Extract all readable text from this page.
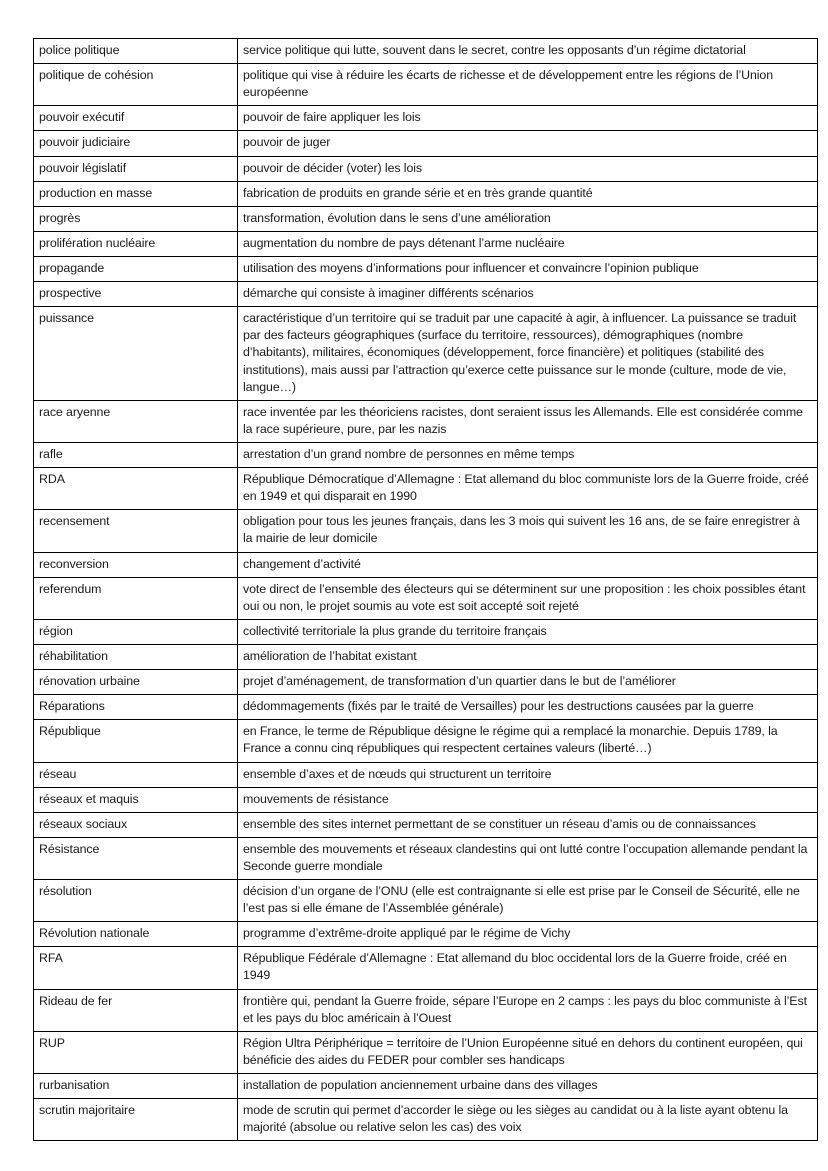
police politique	service politique qui lutte, souvent dans le secret, contre les opposants d’un régime dictatorial
politique de cohésion	politique qui vise à réduire les écarts de richesse et de développement entre les régions de l’Union européenne
pouvoir exécutif	pouvoir de faire appliquer les lois
pouvoir judiciaire	pouvoir de juger
pouvoir législatif	pouvoir de décider (voter) les lois
production en masse	fabrication de produits en grande série et en très grande quantité
progrès	transformation, évolution dans le sens d’une amélioration
prolifération nucléaire	augmentation du nombre de pays détenant l’arme nucléaire
propagande	utilisation des moyens d’informations pour influencer et convaincre l’opinion publique
prospective	démarche qui consiste à imaginer différents scénarios
puissance	caractéristique d’un territoire qui se traduit par une capacité à agir, à influencer. La puissance se traduit par des facteurs géographiques (surface du territoire, ressources), démographiques (nombre d’habitants), militaires, économiques (développement, force financière) et politiques (stabilité des institutions), mais aussi par l’attraction qu’exerce cette puissance sur le monde (culture, mode de vie, langue…)
race aryenne	race inventée par les théoriciens racistes, dont seraient issus les Allemands. Elle est considérée comme la race supérieure, pure, par les nazis
rafle	arrestation d’un grand nombre de personnes en même temps
RDA	République Démocratique d’Allemagne : Etat allemand du bloc communiste lors de la Guerre froide, créé en 1949 et qui disparait en 1990
recensement	obligation pour tous les jeunes français, dans les 3 mois qui suivent les 16 ans, de se faire enregistrer à la mairie de leur domicile
reconversion	changement d’activité
referendum	vote direct de l’ensemble des électeurs qui se déterminent sur une proposition : les choix possibles étant oui ou non, le projet soumis au vote est soit accepté soit rejeté
région	collectivité territoriale la plus grande du territoire français
réhabilitation	amélioration de l’habitat existant
rénovation urbaine	projet d’aménagement, de transformation d’un quartier dans le but de l’améliorer
Réparations	dédommagements (fixés par le traité de Versailles) pour les destructions causées par la guerre
République	en France, le terme de République désigne le régime qui a remplacé la monarchie. Depuis 1789, la France a connu cinq républiques qui respectent certaines valeurs (liberté…)
réseau	ensemble d’axes et de nœuds qui structurent un territoire
réseaux et maquis	mouvements de résistance
réseaux sociaux	ensemble des sites internet permettant de se constituer un réseau d’amis ou de connaissances
Résistance	ensemble des mouvements et réseaux clandestins qui ont lutté contre l’occupation allemande pendant la Seconde guerre mondiale
résolution	décision d’un organe de l’ONU (elle est contraignante si elle est prise par le Conseil de Sécurité, elle ne l’est pas si elle émane de l’Assemblée générale)
Révolution nationale	programme d’extrême-droite appliqué par le régime de Vichy
RFA	République Fédérale d’Allemagne : Etat allemand du bloc occidental lors de la Guerre froide, créé en 1949
Rideau de fer	frontière qui, pendant la Guerre froide, sépare l’Europe en 2 camps : les pays du bloc communiste à l’Est et les pays du bloc américain à l’Ouest
RUP	Région Ultra Périphérique = territoire de l’Union Européenne situé en dehors du continent européen, qui bénéficie des aides du FEDER pour combler ses handicaps
rurbanisation	installation de population anciennement urbaine dans des villages
scrutin majoritaire	mode de scrutin qui permet d’accorder le siège ou les sièges au candidat ou à la liste ayant obtenu la majorité (absolue ou relative selon les cas) des voix
